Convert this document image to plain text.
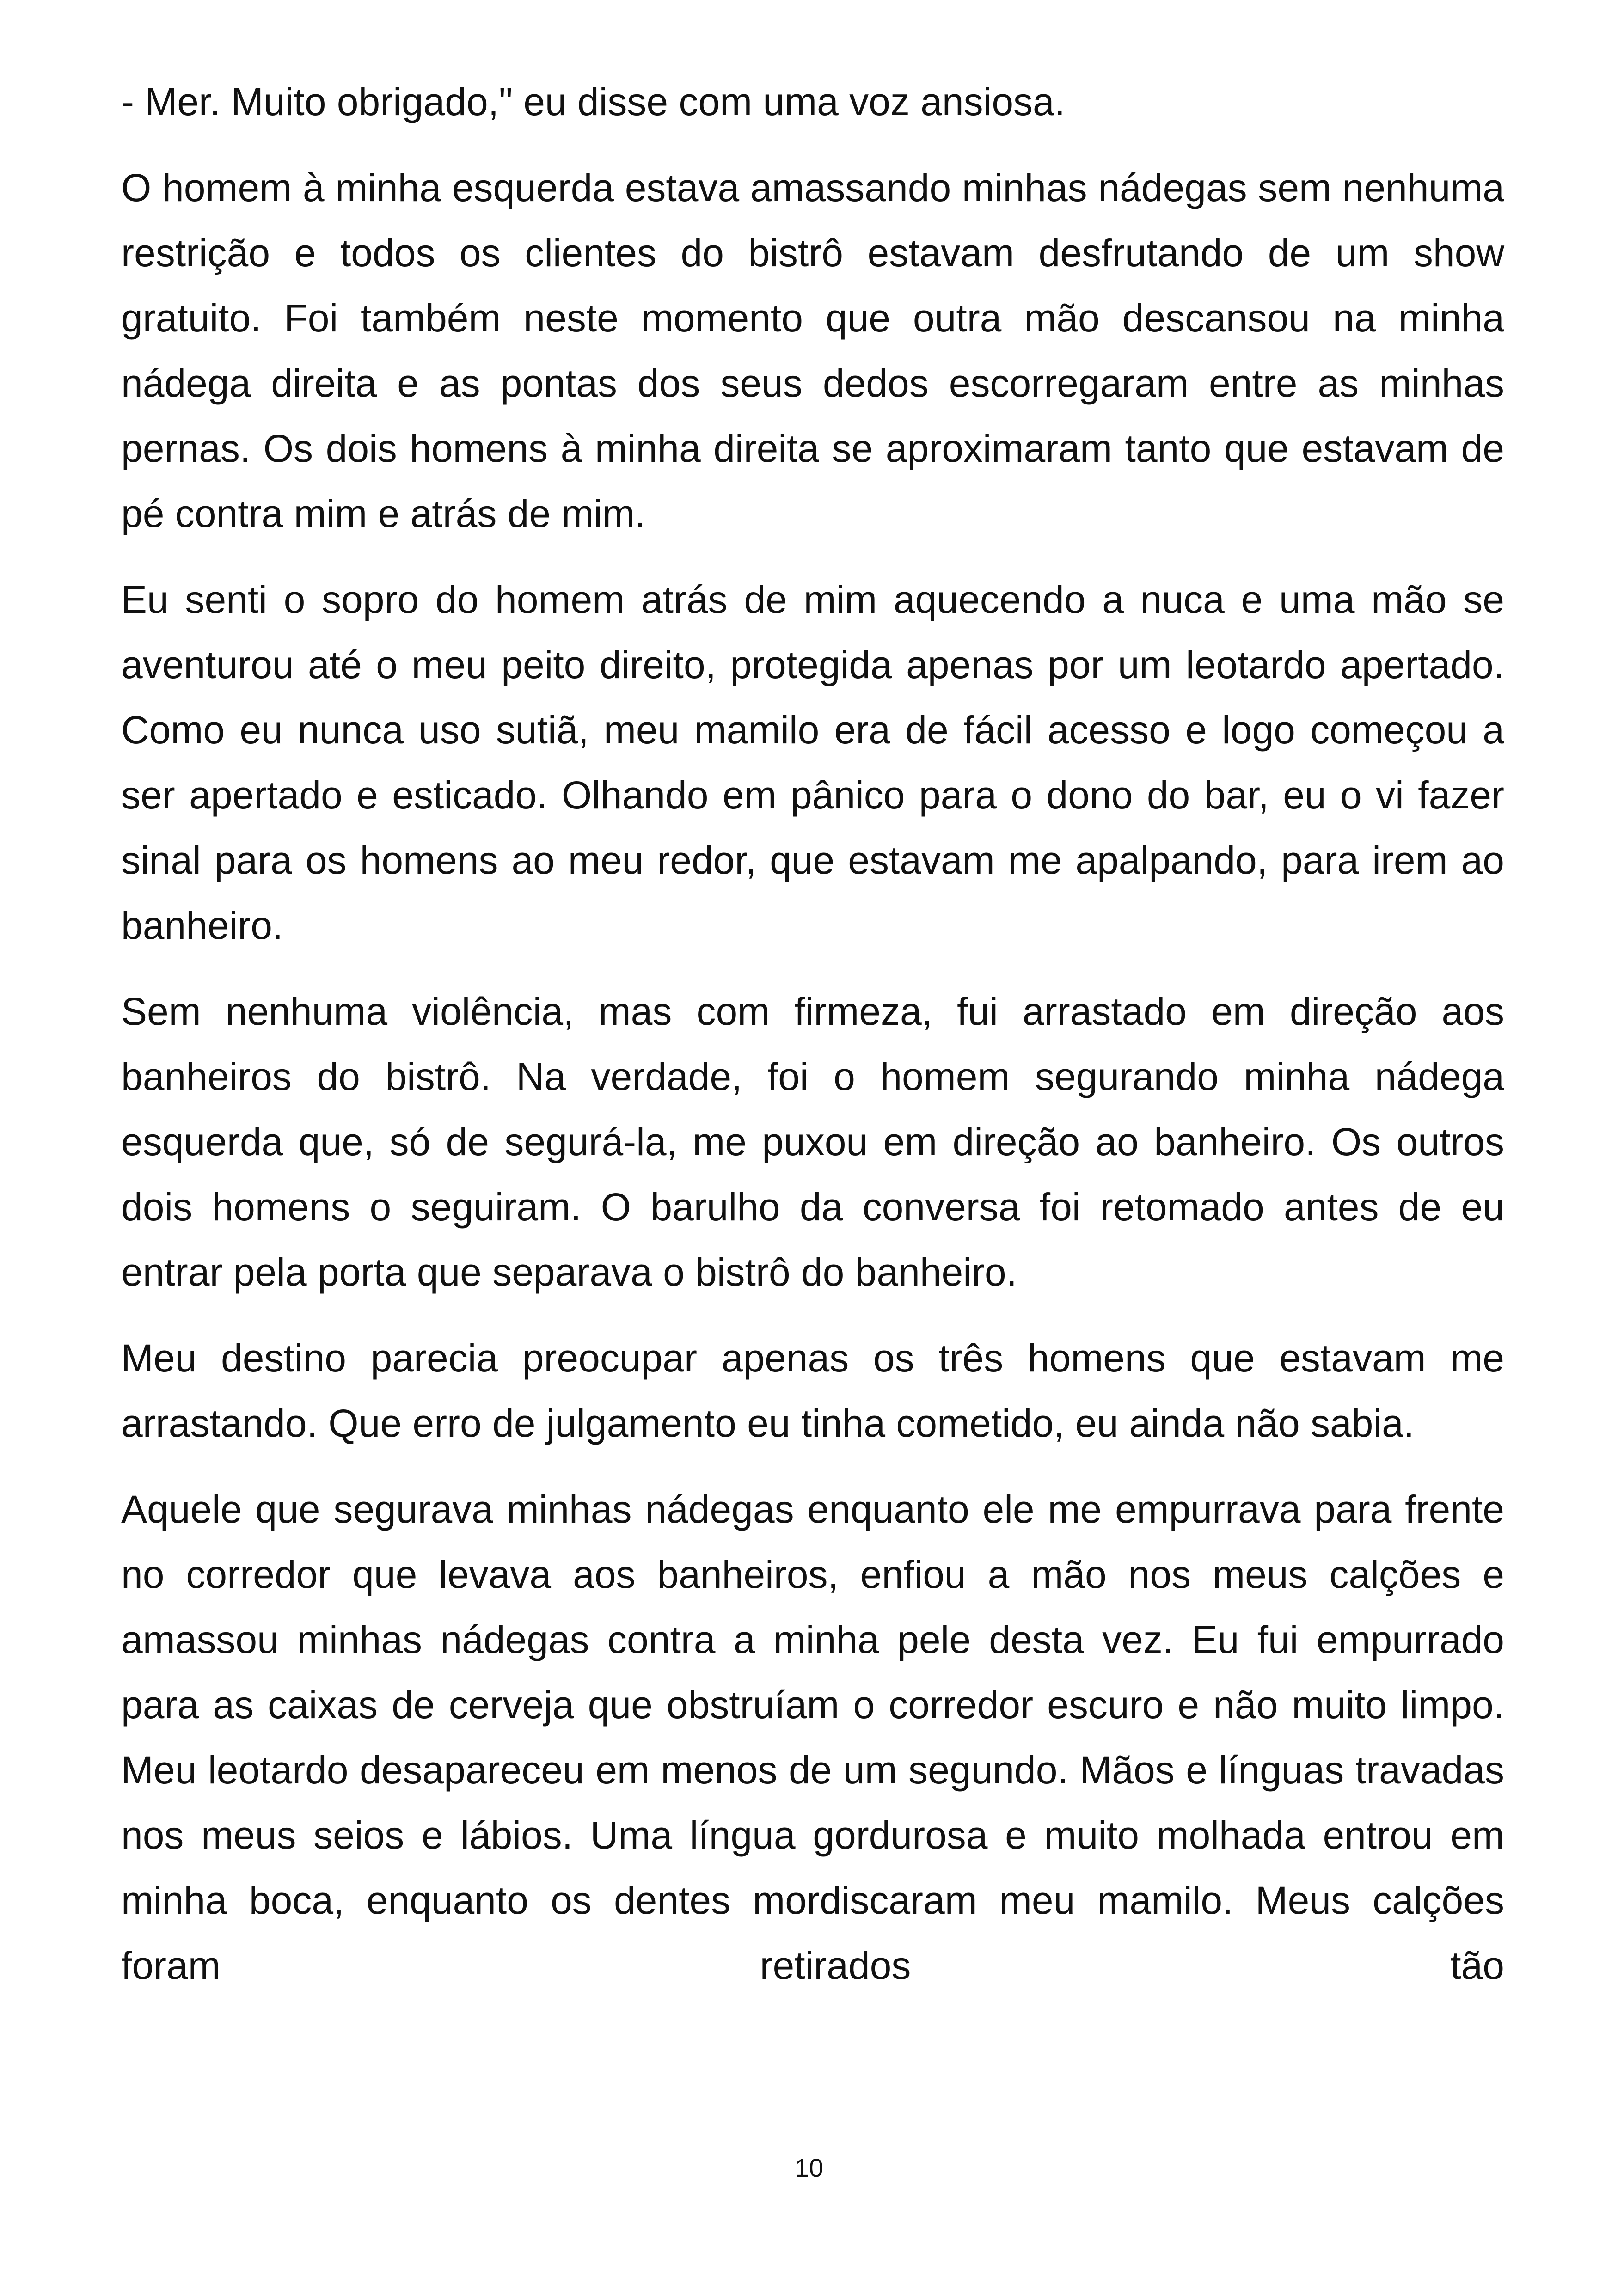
- Mer. Muito obrigado," eu disse com uma voz ansiosa.

O homem à minha esquerda estava amassando minhas nádegas sem nenhuma restrição e todos os clientes do bistrô estavam desfrutando de um show gratuito. Foi também neste momento que outra mão descansou na minha nádega direita e as pontas dos seus dedos escorregaram entre as minhas pernas. Os dois homens à minha direita se aproximaram tanto que estavam de pé contra mim e atrás de mim.

Eu senti o sopro do homem atrás de mim aquecendo a nuca e uma mão se aventurou até o meu peito direito, protegida apenas por um leotardo apertado. Como eu nunca uso sutiã, meu mamilo era de fácil acesso e logo começou a ser apertado e esticado. Olhando em pânico para o dono do bar, eu o vi fazer sinal para os homens ao meu redor, que estavam me apalpando, para irem ao banheiro.

Sem nenhuma violência, mas com firmeza, fui arrastado em direção aos banheiros do bistrô. Na verdade, foi o homem segurando minha nádega esquerda que, só de segurá-la, me puxou em direção ao banheiro. Os outros dois homens o seguiram. O barulho da conversa foi retomado antes de eu entrar pela porta que separava o bistrô do banheiro.

Meu destino parecia preocupar apenas os três homens que estavam me arrastando. Que erro de julgamento eu tinha cometido, eu ainda não sabia.

Aquele que segurava minhas nádegas enquanto ele me empurrava para frente no corredor que levava aos banheiros, enfiou a mão nos meus calções e amassou minhas nádegas contra a minha pele desta vez. Eu fui empurrado para as caixas de cerveja que obstruíam o corredor escuro e não muito limpo. Meu leotardo desapareceu em menos de um segundo. Mãos e línguas travadas nos meus seios e lábios. Uma língua gordurosa e muito molhada entrou em minha boca, enquanto os dentes mordiscaram meu mamilo. Meus calções foram retirados tão

10
